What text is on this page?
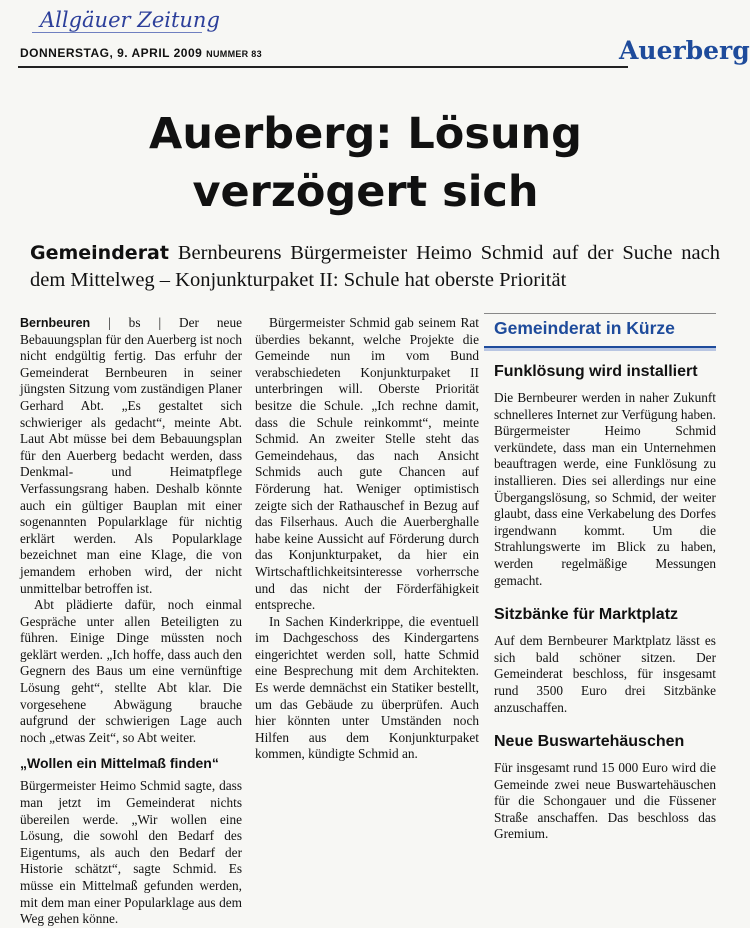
Allgäuer Zeitung
DONNERSTAG, 9. APRIL 2009 NUMMER 83	Auerberg
Auerberg: Lösung
verzögert sich
Gemeinderat Bernbeurens Bürgermeister Heimo Schmid auf der Suche nach dem Mittelweg – Konjunkturpaket II: Schule hat oberste Priorität

Bernbeuren | bs | Der neue Bebauungsplan für den Auerberg ist noch nicht endgültig fertig. Das erfuhr der Gemeinderat Bernbeuren in seiner jüngsten Sitzung vom zuständigen Planer Gerhard Abt. „Es gestaltet sich schwieriger als gedacht“, meinte Abt. Laut Abt müsse bei dem Bebauungsplan für den Auerberg bedacht werden, dass Denkmal- und Heimatpflege Verfassungsrang haben. Deshalb könnte auch ein gültiger Bauplan mit einer sogenannten Popularklage für nichtig erklärt werden. Als Popularklage bezeichnet man eine Klage, die von jemandem erhoben wird, der nicht unmittelbar betroffen ist.

Abt plädierte dafür, noch einmal Gespräche unter allen Beteiligten zu führen. Einige Dinge müssten noch geklärt werden. „Ich hoffe, dass auch den Gegnern des Baus um eine vernünftige Lösung geht“, stellte Abt klar. Die vorgesehene Abwägung brauche aufgrund der schwierigen Lage auch noch „etwas Zeit“, so Abt weiter.

„Wollen ein Mittelmaß finden“

Bürgermeister Heimo Schmid sagte, dass man jetzt im Gemeinderat nichts übereilen werde. „Wir wollen eine Lösung, die sowohl den Bedarf des Eigentums, als auch den Bedarf der Historie schätzt“, sagte Schmid. Es müsse ein Mittelmaß gefunden werden, mit dem man einer Popularklage aus dem Weg gehen könne.

Bürgermeister Schmid gab seinem Rat überdies bekannt, welche Projekte die Gemeinde nun im vom Bund verabschiedeten Konjunkturpaket II unterbringen will. Oberste Priorität besitze die Schule. „Ich rechne damit, dass die Schule reinkommt“, meinte Schmid. An zweiter Stelle steht das Gemeindehaus, das nach Ansicht Schmids auch gute Chancen auf Förderung hat. Weniger optimistisch zeigte sich der Rathauschef in Bezug auf das Filserhaus. Auch die Auerberghalle habe keine Aussicht auf Förderung durch das Konjunkturpaket, da hier ein Wirtschaftlichkeitsinteresse vorherrsche und das nicht der Förderfähigkeit entspreche.

In Sachen Kinderkrippe, die eventuell im Dachgeschoss des Kindergartens eingerichtet werden soll, hatte Schmid eine Besprechung mit dem Architekten. Es werde demnächst ein Statiker bestellt, um das Gebäude zu überprüfen. Auch hier könnten unter Umständen noch Hilfen aus dem Konjunkturpaket kommen, kündigte Schmid an.

Gemeinderat in Kürze
Funklösung wird installiert

Die Bernbeurer werden in naher Zukunft schnelleres Internet zur Verfügung haben. Bürgermeister Heimo Schmid verkündete, dass man ein Unternehmen beauftragen werde, eine Funklösung zu installieren. Dies sei allerdings nur eine Übergangslösung, so Schmid, der weiter glaubt, dass eine Verkabelung des Dorfes irgendwann kommt. Um die Strahlungswerte im Blick zu haben, werden regelmäßige Messungen gemacht.

Sitzbänke für Marktplatz

Auf dem Bernbeurer Marktplatz lässt es sich bald schöner sitzen. Der Gemeinderat beschloss, für insgesamt rund 3500 Euro drei Sitzbänke anzuschaffen.

Neue Buswartehäuschen

Für insgesamt rund 15 000 Euro wird die Gemeinde zwei neue Buswartehäuschen für die Schongauer und die Füssener Straße anschaffen. Das beschloss das Gremium.
